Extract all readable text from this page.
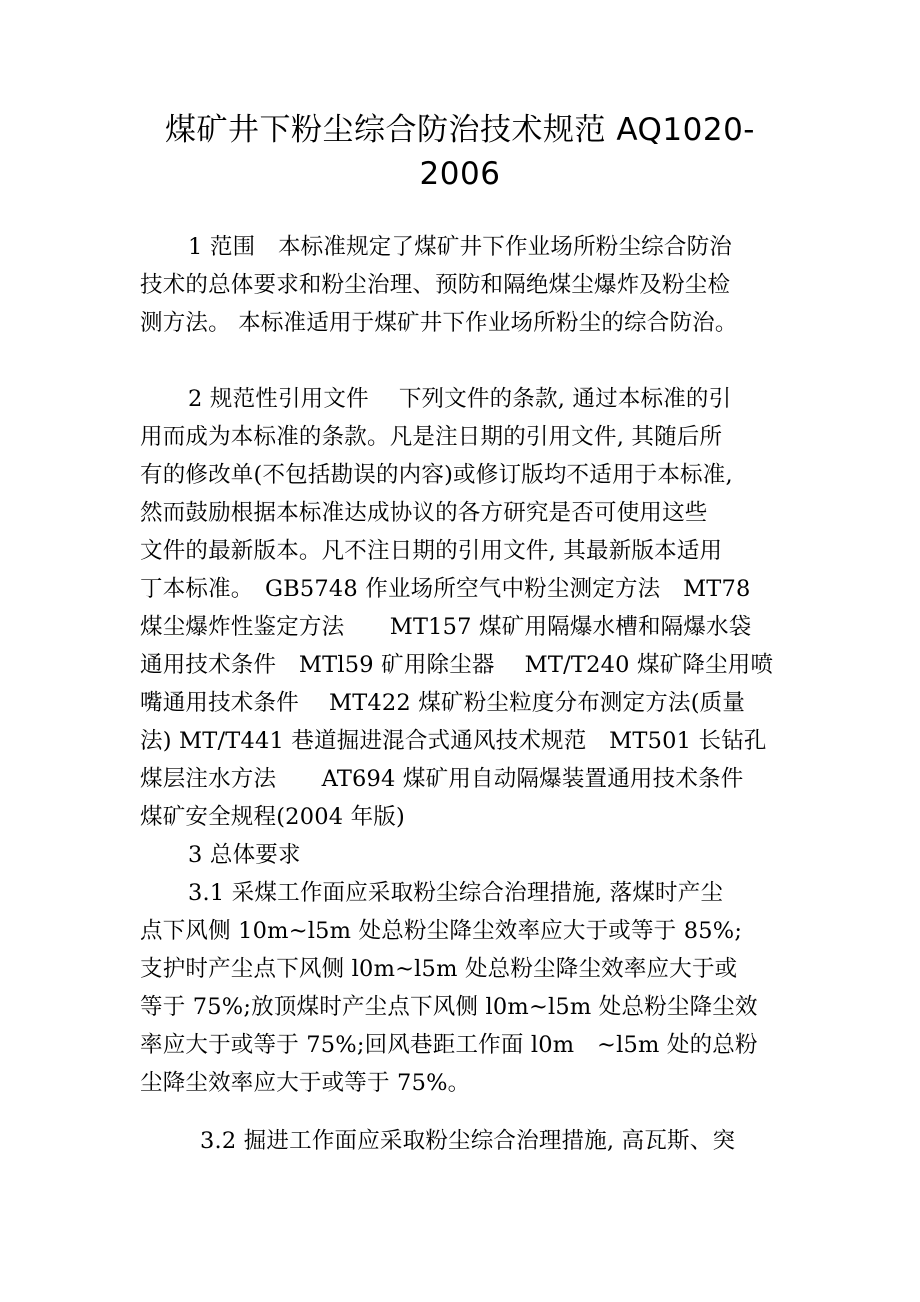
煤矿井下粉尘综合防治技术规范 AQ1020-
2006
1 范围　本标准规定了煤矿井下作业场所粉尘综合防治
技术的总体要求和粉尘治理、预防和隔绝煤尘爆炸及粉尘检
测方法。 本标准适用于煤矿井下作业场所粉尘的综合防治。
2 规范性引用文件　 下列文件的条款, 通过本标准的引
用而成为本标准的条款。凡是注日期的引用文件, 其随后所
有的修改单(不包括勘误的内容)或修订版均不适用于本标准,
然而鼓励根据本标准达成协议的各方研究是否可使用这些
文件的最新版本。凡不注日期的引用文件, 其最新版本适用
丁本标准。　GB5748 作业场所空气中粉尘测定方法　MT78
煤尘爆炸性鉴定方法　　MT157 煤矿用隔爆水槽和隔爆水袋
通用技术条件　MTl59 矿用除尘器　 MT/T240 煤矿降尘用喷
嘴通用技术条件　 MT422 煤矿粉尘粒度分布测定方法(质量
法) MT/T441 巷道掘进混合式通风技术规范　MT501 长钻孔
煤层注水方法　　AT694 煤矿用自动隔爆装置通用技术条件
煤矿安全规程(2004 年版)
3 总体要求
3.1 采煤工作面应采取粉尘综合治理措施, 落煤时产尘
点下风侧 10m~l5m 处总粉尘降尘效率应大于或等于 85%;
支护时产尘点下风侧 l0m~l5m 处总粉尘降尘效率应大于或
等于 75%;放顶煤时产尘点下风侧 l0m~l5m 处总粉尘降尘效
率应大于或等于 75%;回风巷距工作面 l0m　~l5m 处的总粉
尘降尘效率应大于或等于 75%。
3.2 掘进工作面应采取粉尘综合治理措施, 高瓦斯、突
